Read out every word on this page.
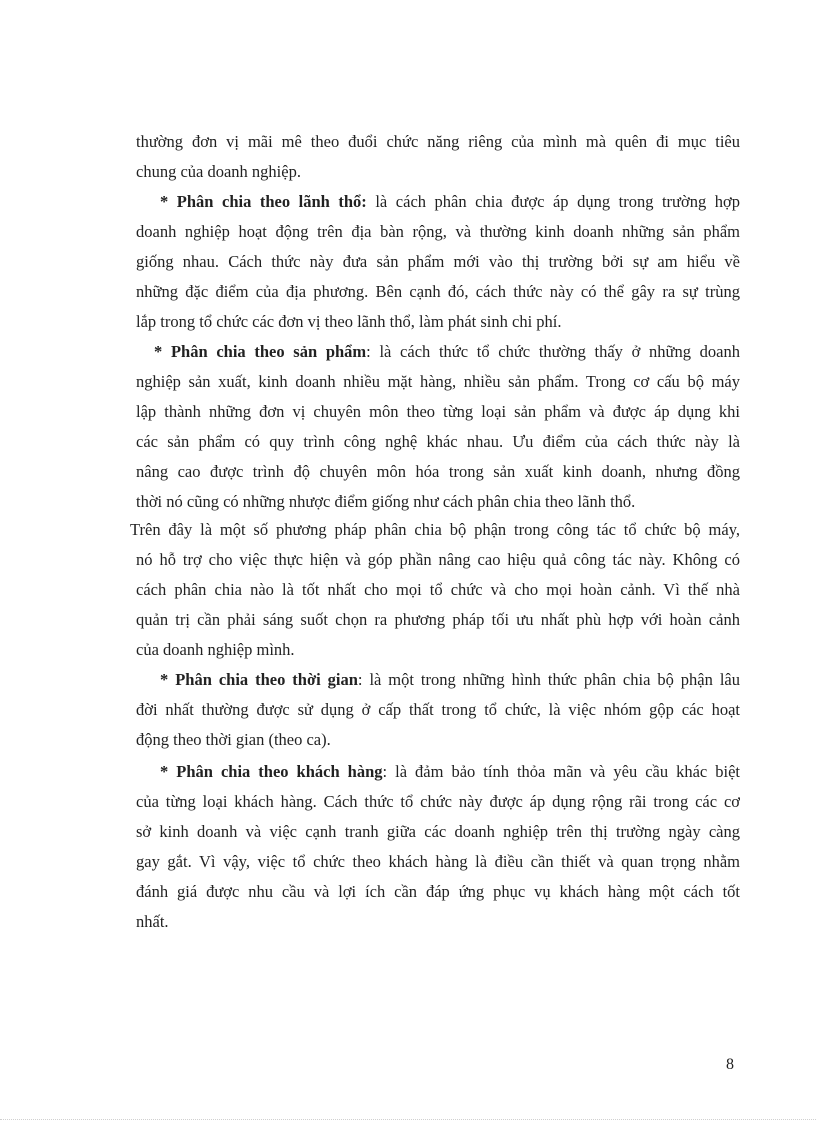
thường đơn vị mãi mê theo đuổi chức năng riêng của mình mà quên đi mục tiêu
chung của doanh nghiệp.
* Phân chia theo lãnh thổ: là cách phân chia được áp dụng trong trường hợp
doanh nghiệp hoạt động trên địa bàn rộng, và thường kinh doanh những sản phẩm
giống nhau. Cách thức này đưa sản phẩm mới vào thị trường bởi sự am hiểu về
những đặc điểm của địa phương. Bên cạnh đó, cách thức này có thể gây ra sự trùng
lắp trong tổ chức các đơn vị theo lãnh thổ, làm phát sinh chi phí.
* Phân chia theo sản phẩm: là cách thức tổ chức thường thấy ở những doanh
nghiệp sản xuất, kinh doanh nhiều mặt hàng, nhiều sản phẩm. Trong cơ cấu bộ máy
lập thành những đơn vị chuyên môn theo từng loại sản phẩm và được áp dụng khi
các sản phẩm có quy trình công nghệ khác nhau. Ưu điểm của cách thức này là
nâng cao được trình độ chuyên môn hóa trong sản xuất kinh doanh, nhưng đồng
thời nó cũng có những nhược điểm giống như cách phân chia theo lãnh thổ.
Trên đây là một số phương pháp phân chia bộ phận trong công tác tổ chức bộ máy,
nó hỗ trợ cho việc thực hiện và góp phần nâng cao hiệu quả công tác này. Không có
cách phân chia nào là tốt nhất cho mọi tổ chức và cho mọi hoàn cảnh. Vì thế nhà
quản trị cần phải sáng suốt chọn ra phương pháp tối ưu nhất phù hợp với hoàn cảnh
của doanh nghiệp mình.
* Phân chia theo thời gian: là một trong những hình thức phân chia bộ phận lâu
đời nhất thường được sử dụng ở cấp thất trong tổ chức, là việc nhóm gộp các hoạt
động theo thời gian (theo ca).
* Phân chia theo khách hàng: là đảm bảo tính thỏa mãn và yêu cầu khác biệt
của từng loại khách hàng. Cách thức tổ chức này được áp dụng rộng rãi trong các cơ
sở kinh doanh và việc cạnh tranh giữa các doanh nghiệp trên thị trường ngày càng
gay gắt. Vì vậy, việc tổ chức theo khách hàng là điều cần thiết và quan trọng nhằm
đánh giá được nhu cầu và lợi ích cần đáp ứng phục vụ khách hàng một cách tốt
nhất.
8
